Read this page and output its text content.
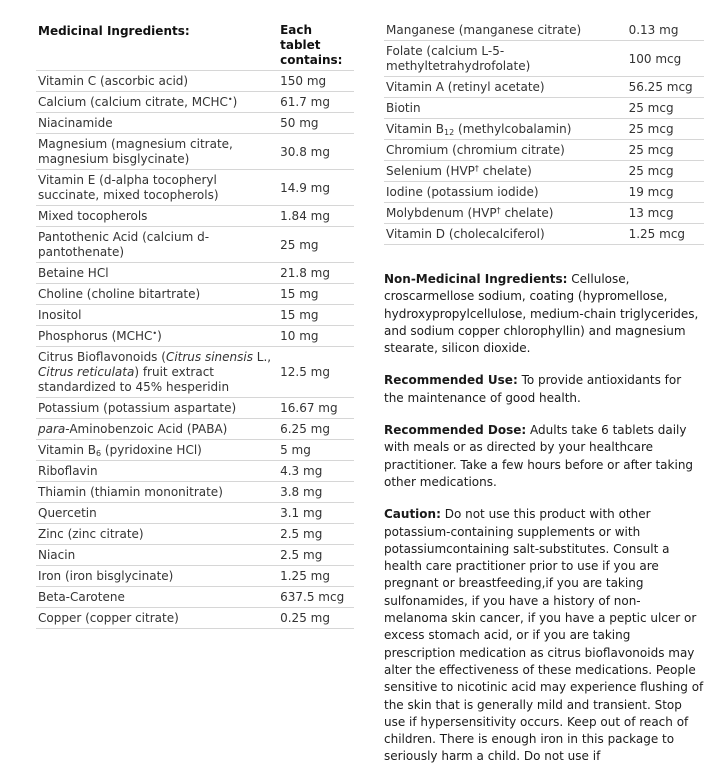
Medicinal Ingredients:	Each tablet contains:
Vitamin C (ascorbic acid)	150 mg
Calcium (calcium citrate, MCHC•)	61.7 mg
Niacinamide	50 mg
Magnesium (magnesium citrate, magnesium bisglycinate)	30.8 mg
Vitamin E (d-alpha tocopheryl succinate, mixed tocopherols)	14.9 mg
Mixed tocopherols	1.84 mg
Pantothenic Acid (calcium d-pantothenate)	25 mg
Betaine HCl	21.8 mg
Choline (choline bitartrate)	15 mg
Inositol	15 mg
Phosphorus (MCHC•)	10 mg
Citrus Bioflavonoids (Citrus sinensis L., Citrus reticulata) fruit extract standardized to 45% hesperidin	12.5 mg
Potassium (potassium aspartate)	16.67 mg
para-Aminobenzoic Acid (PABA)	6.25 mg
Vitamin $B_6$ (pyridoxine HCl)	5 mg
Riboflavin	4.3 mg
Thiamin (thiamin mononitrate)	3.8 mg
Quercetin	3.1 mg
Zinc (zinc citrate)	2.5 mg
Niacin	2.5 mg
Iron (iron bisglycinate)	1.25 mg
Beta-Carotene	637.5 mcg
Copper (copper citrate)	0.25 mg
Manganese (manganese citrate)	0.13 mg
Folate (calcium L-5-methyltetrahydrofolate)	100 mcg
Vitamin A (retinyl acetate)	56.25 mcg
Biotin	25 mcg
Vitamin $B_{12}$ (methylcobalamin)	25 mcg
Chromium (chromium citrate)	25 mcg
Selenium (HVP† chelate)	25 mcg
Iodine (potassium iodide)	19 mcg
Molybdenum (HVP† chelate)	13 mcg
Vitamin D (cholecalciferol)	1.25 mcg

Non-Medicinal Ingredients: Cellulose, croscarmellose sodium, coating (hypromellose, hydroxypropylcellulose, medium-chain triglycerides, and sodium copper chlorophyllin) and magnesium stearate, silicon dioxide.

Recommended Use: To provide antioxidants for the maintenance of good health.

Recommended Dose: Adults take 6 tablets daily with meals or as directed by your healthcare practitioner. Take a few hours before or after taking other medications.

Caution: Do not use this product with other potassium-containing supplements or with potassiumcontaining salt-substitutes. Consult a health care practitioner prior to use if you are pregnant or breastfeeding,if you are taking sulfonamides, if you have a history of non-melanoma skin cancer, if you have a peptic ulcer or excess stomach acid, or if you are taking prescription medication as citrus bioflavonoids may alter the effectiveness of these medications. People sensitive to nicotinic acid may experience flushing of the skin that is generally mild and transient. Stop use if hypersensitivity occurs. Keep out of reach of children. There is enough iron in this package to seriously harm a child. Do not use if
